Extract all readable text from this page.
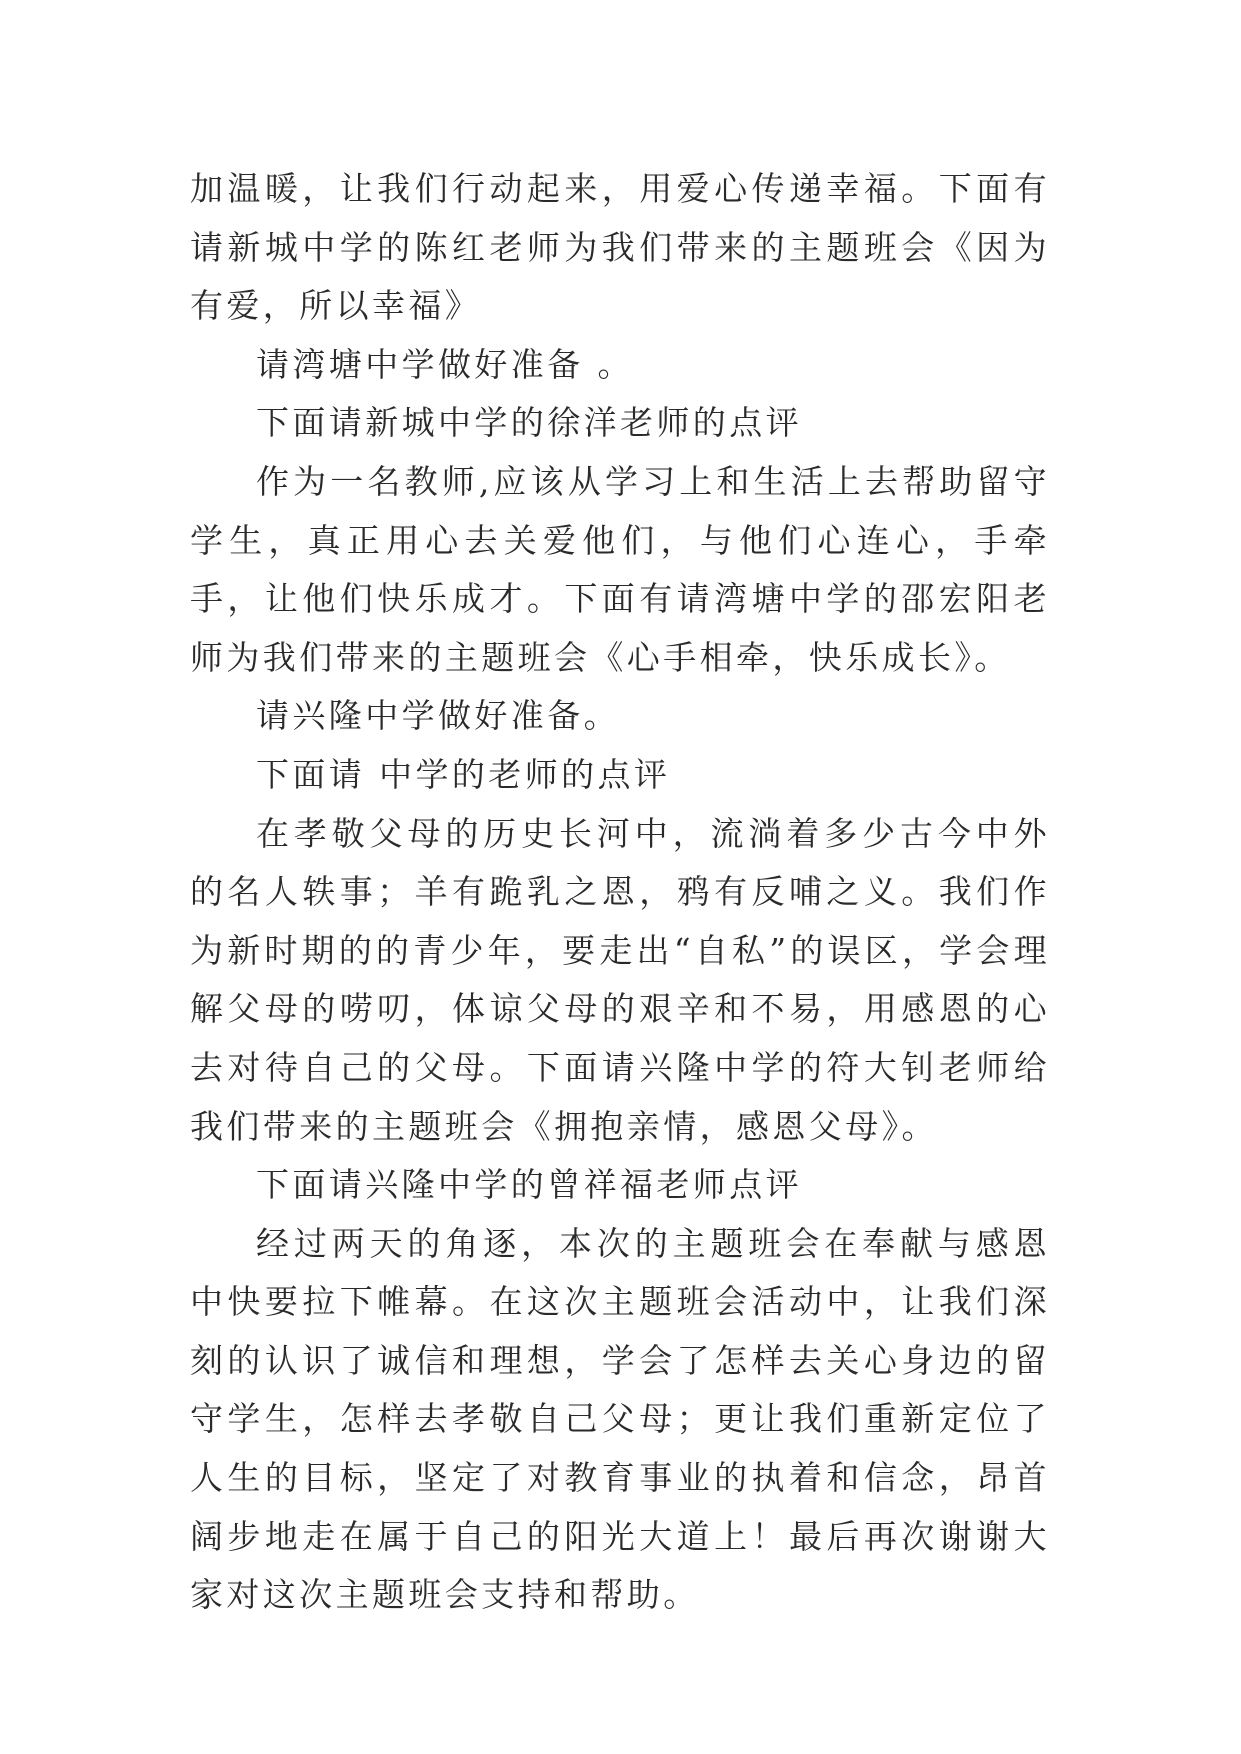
加温暖，让我们行动起来，用爱心传递幸福。下面有请新城中学的陈红老师为我们带来的主题班会《因为有爱，所以幸福》

请湾塘中学做好准备 。

下面请新城中学的徐洋老师的点评

作为一名教师,应该从学习上和生活上去帮助留守学生，真正用心去关爱他们，与他们心连心，手牵手，让他们快乐成才。下面有请湾塘中学的邵宏阳老师为我们带来的主题班会《心手相牵，快乐成长》。

请兴隆中学做好准备。

下面请 中学的老师的点评

在孝敬父母的历史长河中，流淌着多少古今中外的名人轶事；羊有跪乳之恩，鸦有反哺之义。我们作为新时期的的青少年，要走出“自私”的误区，学会理解父母的唠叨，体谅父母的艰辛和不易，用感恩的心去对待自己的父母。下面请兴隆中学的符大钊老师给我们带来的主题班会《拥抱亲情，感恩父母》。

下面请兴隆中学的曾祥福老师点评

经过两天的角逐，本次的主题班会在奉献与感恩中快要拉下帷幕。在这次主题班会活动中，让我们深刻的认识了诚信和理想，学会了怎样去关心身边的留守学生，怎样去孝敬自己父母；更让我们重新定位了人生的目标，坚定了对教育事业的执着和信念，昂首阔步地走在属于自己的阳光大道上！最后再次谢谢大家对这次主题班会支持和帮助。
